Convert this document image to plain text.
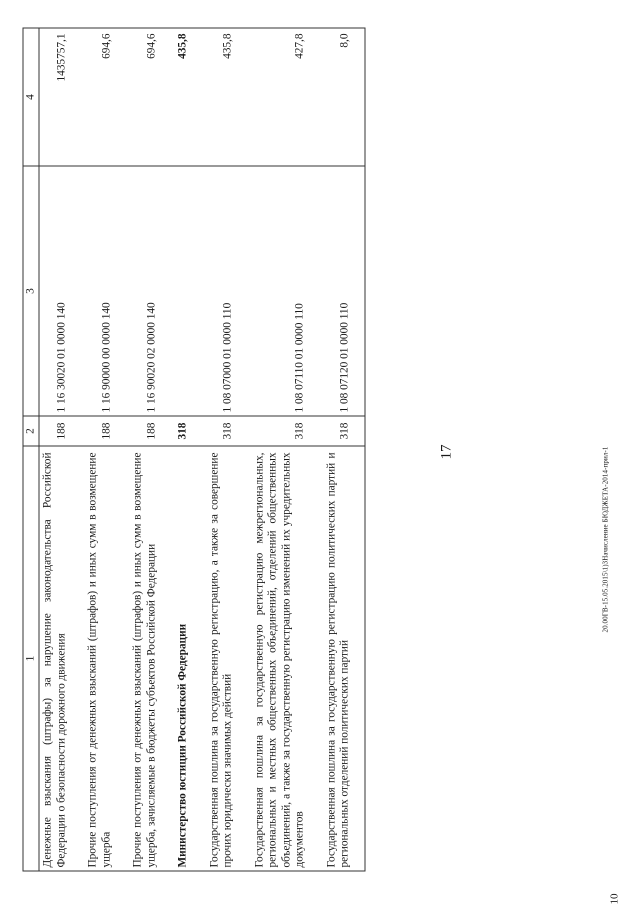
1	2	3	4
Денежные взыскания (штрафы) за нарушение законодательства Российской Федерации о безопасности дорожного движения	188	1 16 30020 01 0000 140	1435757,1
Прочие поступления от денежных взысканий (штрафов) и иных сумм в возмещение ущерба	188	1 16 90000 00 0000 140	694,6
Прочие поступления от денежных взысканий (штрафов) и иных сумм в возмещение ущерба, зачисляемые в бюджеты субъектов Российской Федерации	188	1 16 90020 02 0000 140	694,6
Министерство юстиции Российской Федерации	318		435,8
Государственная пошлина за государственную регистрацию, а также за совершение прочих юридически значимых действий	318	1 08 07000 01 0000 110	435,8
Государственная пошлина за государственную регистрацию межрегиональных, региональных и местных общественных объединений, отделений общественных объединений, а также за государственную регистрацию изменений их учредительных документов	318	1 08 07110 01 0000 110	427,8
Государственная пошлина за государственную регистрацию политических партий и региональных отделений политических партий	318	1 08 07120 01 0000 110	8,0
17	20.00ГВ-15.05.2015\1)ЗНачисление БЮДЖЕТА-2014-прил-1
10
